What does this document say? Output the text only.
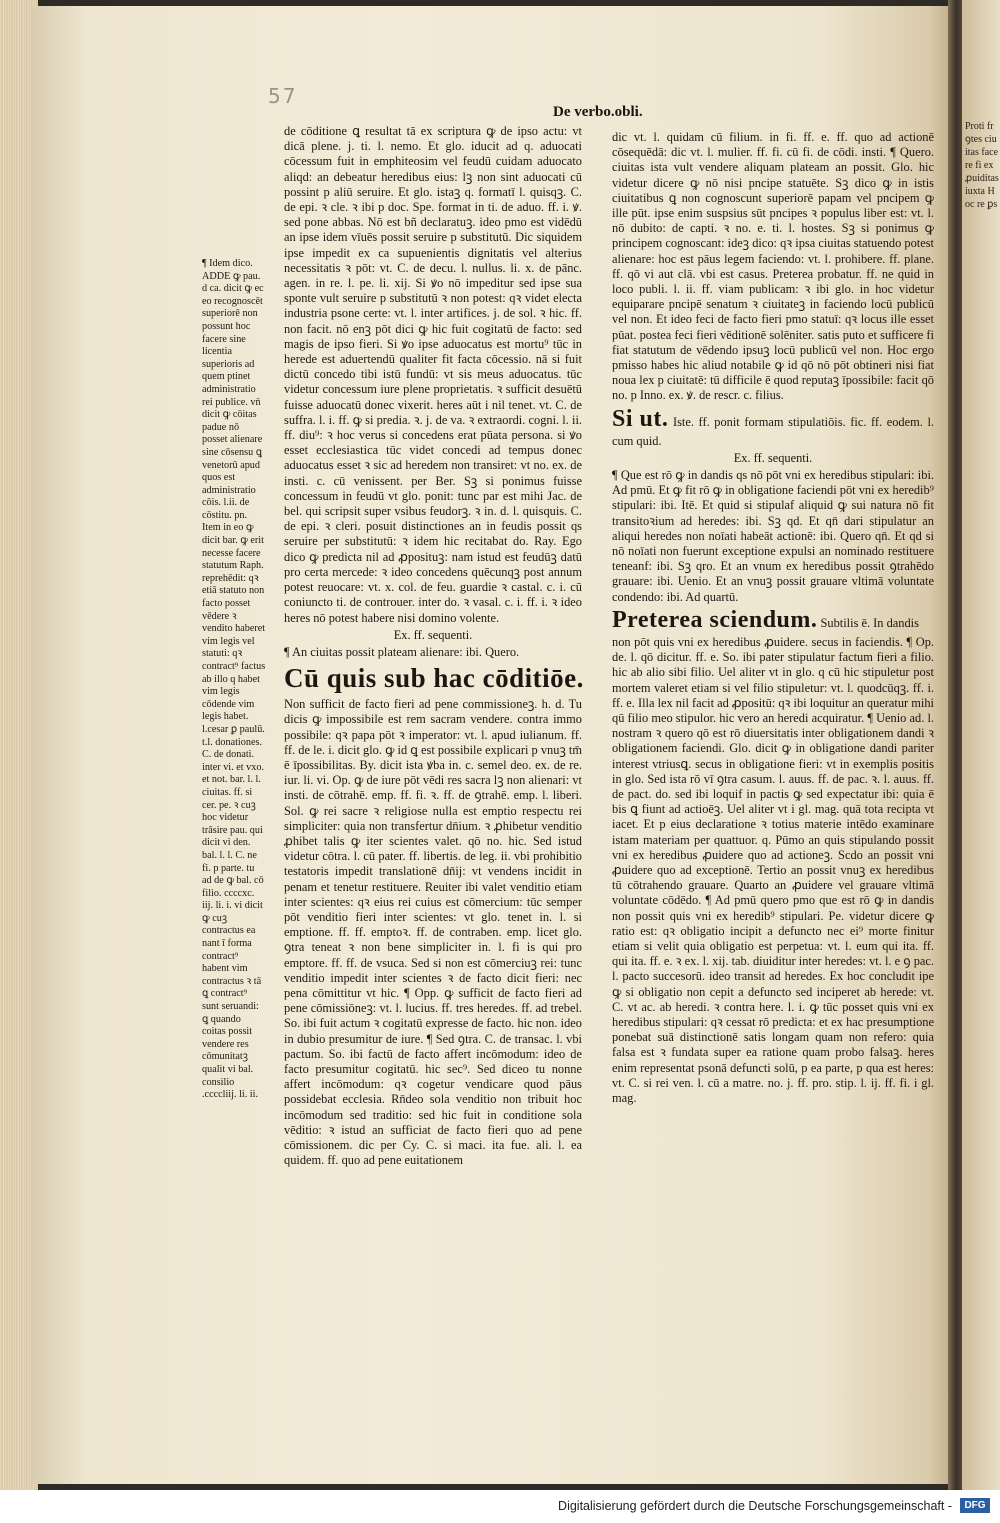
Proti frꝯtes ciuitas facere fi ex ꝓuiditas iuxta Hoc re ꝑs
57
De verbo.obli.

¶ Idem dico. ADDE ꝙ pau. d ca. dicit ꝙ ec eo recognoscēt superiorē non possunt hoc facere sine licentia superioris ad quem ptinet administratio rei publice. vn̄ dicit ꝙ cōitas padue nō posset alienare sine cōsensu ꝗ venetorū apud quos est administratio cōis. l.ii. de cōstitu. pn. Item in eo ꝙ dicit bar. ꝙ erit necesse facere statutum Raph. reprehēdit: qꝛ etiā statuto non facto posset vēdere ꝛ vendito haberet vim legis vel statuti: qꝛ contract⁹ factus ab illo q habet vim legis cōdende vim legis habet. l.cesar ꝑ paulū. t.l. donationes. C. de donati. inter vi. et vxo. et not. bar. l. l. ciuitas. ff. si cer. pe. ꝛ cuꝫ hoc videtur trāsire pau. qui dicit vi den. bal. l. l. C. ne fi. p parte. tu ad de ꝙ bal. cō filio. ccccxc. iij. li. i. vi dicit ꝙ cuꝫ contractus ea nant ī forma contract⁹ habent vim contractus ꝛ tā ꝗ contract⁹ sunt seruandi: ꝗ quando coitas possit vendere res cōmunitatꝫ qualit vi bal. consilio .ccccliij. li. ii.

de cōditione ꝗ resultat tā ex scriptura ꝙ de ipso actu: vt dicā plene. j. ti. l. nemo. Et glo. iducit ad q. aduocati cōcessum fuit in emphiteosim vel feudū cuidam aduocato aliqd: an debeatur heredibus eius: lꝫ non sint aduocati cū possint p aliū seruire. Et glo. istaꝫ q. formatī l. quisqꝫ. C. de epi. ꝛ cle. ꝛ ibi p doc. Spe. format in ti. de aduo. ff. i. ꝟ. sed pone abbas. Nō est bñ declaratuꝫ. ideo pmo est vidēdū an ipse idem vīuēs possit seruire p substitutū. Dic siquidem ipse impedit ex ca supuenientis dignitatis vel alterius necessitatis ꝛ pōt: vt. C. de decu. l. nullus. li. x. de pānc. agen. in re. l. pe. li. xij. Si ꝟo nō impeditur sed ipse sua sponte vult seruire p substitutū ꝛ non potest: qꝛ videt electa industria psone certe: vt. l. inter artifices. j. de sol. ꝛ hic. ff. non facit. nō enꝫ pōt dici ꝙ hic fuit cogitatū de facto: sed magis de ipso fieri. Si ꝟo ipse aduocatus est mortu⁹ tūc in herede est aduertendū qualiter fit facta cōcessio. nā si fuit dictū concedo tibi istū fundū: vt sis meus aduocatus. tūc videtur concessum iure plene proprietatis. ꝛ sufficit desuētū fuisse aduocatū donec vixerit. heres aūt i nil tenet. vt. C. de suffra. l. i. ff. ꝙ si predia. ꝛ. j. de va. ꝛ extraordi. cogni. l. ii. ff. diu⁹: ꝛ hoc verus si concedens erat pūata persona. si ꝟo esset ecclesiastica tūc videt concedi ad tempus donec aduocatus esset ꝛ sic ad heredem non transiret: vt no. ex. de insti. c. cū venissent. per Ber. Sꝫ si ponimus fuisse concessum in feudū vt glo. ponit: tunc par est mihi Jac. de bel. qui scripsit super vsibus feudorꝫ. ꝛ in. d. l. quisquis. C. de epi. ꝛ cleri. posuit distinctiones an in feudis possit qs seruire per substitutū: ꝛ idem hic recitabat do. Ray. Ego dico ꝙ predicta nil ad ꝓposituꝫ: nam istud est feudūꝫ datū pro certa mercede: ꝛ ideo concedens quēcunqꝫ post annum potest reuocare: vt. x. col. de feu. guardie ꝛ castal. c. i. cū coniuncto ti. de controuer. inter do. ꝛ vasal. c. i. ff. i. ꝛ ideo heres nō potest habere nisi domino volente.

Ex. ff. sequenti.

¶ An ciuitas possit plateam alienare: ibi. Quero.

Cū quis sub hac cōditiōe.

Non sufficit de facto fieri ad pene commissioneꝫ. h. d. Tu dicis ꝙ impossibile est rem sacram vendere. contra immo possibile: qꝛ papa pōt ꝛ imperator: vt. l. apud iulianum. ff. ff. de le. i. dicit glo. ꝙ id ꝗ est possibile explicari p vnuꝫ tm̄ ē īpossibilitas. By. dicit ista ꝟba in. c. semel deo. ex. de re. iur. li. vi. Op. ꝙ de iure pōt vēdi res sacra lꝫ non alienari: vt insti. de cōtrahē. emp. ff. fi. ꝛ. ff. de ꝯtrahē. emp. l. liberi. Sol. ꝙ rei sacre ꝛ religiose nulla est emptio respectu rei simpliciter: quia non transfertur dn̄ium. ꝛ ꝓhibetur venditio ꝓhibet talis ꝙ iter scientes valet. qō no. hic. Sed istud videtur cōtra. l. cū pater. ff. libertis. de leg. ii. vbi prohibitio testatoris impedit translationē dn̄ij: vt vendens incidit in penam et tenetur restituere. Reuiter ibi valet venditio etiam inter scientes: qꝛ eius rei cuius est cōmercium: tūc semper pōt venditio fieri inter scientes: vt glo. tenet in. l. si emptione. ff. ff. emptoꝛ. ff. de contraben. emp. licet glo. ꝯtra teneat ꝛ non bene simpliciter in. l. fi is qui pro emptore. ff. ff. de vsuca. Sed si non est cōmerciuꝫ rei: tunc venditio impedit inter scientes ꝛ de facto dicit fieri: nec pena cōmittitur vt hic. ¶ Opp. ꝙ sufficit de facto fieri ad pene cōmissiōneꝫ: vt. l. lucius. ff. tres heredes. ff. ad trebel. So. ibi fuit actum ꝛ cogitatū expresse de facto. hic non. ideo in dubio presumitur de iure. ¶ Sed ꝯtra. C. de transac. l. vbi pactum. So. ibi factū de facto affert incōmodum: ideo de facto presumitur cogitatū. hic sec⁹. Sed diceo tu nonne affert incōmodum: qꝛ cogetur vendicare quod pāus possidebat ecclesia. Rn̄deo sola venditio non tribuit hoc incōmodum sed traditio: sed hic fuit in conditione sola vēditio: ꝛ istud an sufficiat de facto fieri quo ad pene cōmissionem. dic per Cy. C. si maci. ita fue. ali. l. ea quidem. ff. quo ad pene euitationem

dic vt. l. quidam cū filium. in fi. ff. e. ff. quo ad actionē cōsequēdā: dic vt. l. mulier. ff. fi. cū fi. de cōdi. insti. ¶ Quero. ciuitas ista vult vendere aliquam plateam an possit. Glo. hic videtur dicere ꝙ nō nisi pncipe statuēte. Sꝫ dico ꝙ in istis ciuitatibus ꝗ non cognoscunt superiorē papam vel pncipem ꝙ ille pūt. ipse enim suspsius sūt pncipes ꝛ populus liber est: vt. l. nō dubito: de capti. ꝛ no. e. ti. l. hostes. Sꝫ si ponimus ꝙ principem cognoscant: ideꝫ dico: qꝛ ipsa ciuitas statuendo potest alienare: hoc est pāus legem faciendo: vt. l. prohibere. ff. plane. ff. qō vi aut clā. vbi est casus. Preterea probatur. ff. ne quid in loco publi. l. ii. ff. viam publicam: ꝛ ibi glo. in hoc videtur equiparare pncipē senatum ꝛ ciuitateꝫ in faciendo locū publicū vel non. Et ideo feci de facto fieri pmo statuī: qꝛ locus ille esset pūat. postea feci fieri vēditionē solēniter. satis puto et sufficere fi fiat statutum de vēdendo ipsuꝫ locū publicū vel non. Hoc ergo pmisso habes hic aliud notabile ꝙ id qō nō pōt obtineri nisi fiat noua lex p ciuitatē: tū difficile ē quod reputaꝫ īpossibile: facit qō no. p Inno. ex. ꝟ. de rescr. c. filius.

Si ut. Iste. ff. ponit formam stipulatiōis. fic. ff. eodem. l. cum quid.

Ex. ff. sequenti.

¶ Que est rō ꝙ in dandis qs nō pōt vni ex heredibus stipulari: ibi. Ad pmū. Et ꝙ fit rō ꝙ in obligatione faciendi pōt vni ex heredib⁹ stipulari: ibi. Itē. Et quid si stipulaf aliquid ꝙ sui natura nō fit transitoꝛium ad heredes: ibi. Sꝫ qd. Et qn̄ dari stipulatur an aliqui heredes non noīati habeāt actionē: ibi. Quero qn̄. Et qd si nō noīati non fuerunt exceptione expulsi an nominado restituere teneanf: ibi. Sꝫ qro. Et an vnum ex heredibus possit ꝯtrahēdo grauare: ibi. Uenio. Et an vnuꝫ possit grauare vltimā voluntate condendo: ibi. Ad quartū.

Preterea sciendum. Subtilis ē. In dandis

non pōt quis vni ex heredibus ꝓuidere. secus in faciendis. ¶ Op. de. l. qō dicitur. ff. e. So. ibi pater stipulatur factum fieri a filio. hic ab alio sibi filio. Uel aliter vt in glo. q cū hic stipuletur post mortem valeret etiam si vel filio stipuletur: vt. l. quodcūqꝫ. ff. i. ff. e. Illa lex nil facit ad ꝓpositū: qꝛ ibi loquitur an queratur mihi qū filio meo stipulor. hic vero an heredi acquiratur. ¶ Uenio ad. l. nostram ꝛ quero qō est rō diuersitatis inter obligationem dandi ꝛ obligationem faciendi. Glo. dicit ꝙ in obligatione dandi pariter interest vtriusꝗ. secus in obligatione fieri: vt in exemplis positis in glo. Sed ista rō vī ꝯtra casum. l. auus. ff. de pac. ꝛ. l. auus. ff. de pact. do. sed ibi loquif in pactis ꝙ sed expectatur ibi: quia ē bis ꝗ fiunt ad actioēꝫ. Uel aliter vt i gl. mag. quā tota recipta vt iacet. Et p eius declaratione ꝛ totius materie intēdo examinare istam materiam per quattuor. q. Pūmo an quis stipulando possit vni ex heredibus ꝓuidere quo ad actioneꝫ. Scdo an possit vni ꝓuidere quo ad exceptionē. Tertio an possit vnuꝫ ex heredibus tū cōtrahendo grauare. Quarto an ꝓuidere vel grauare vltimā voluntate cōdēdo. ¶ Ad pmū quero pmo que est rō ꝙ in dandis non possit quis vni ex heredib⁹ stipulari. Pe. videtur dicere ꝙ ratio est: qꝛ obligatio incipit a defuncto nec ei⁹ morte finitur etiam si velit quia obligatio est perpetua: vt. l. eum qui ita. ff. qui ita. ff. e. ꝛ ex. l. xij. tab. diuiditur inter heredes: vt. l. e ꝯ pac. l. pacto succesorū. ideo transit ad heredes. Ex hoc concludit ipe ꝙ si obligatio non cepit a defuncto sed inciperet ab herede: vt. C. vt ac. ab heredi. ꝛ contra here. l. i. ꝙ tūc posset quis vni ex heredibus stipulari: qꝛ cessat rō predicta: et ex hac presumptione ponebat suā distinctionē satis longam quam non refero: quia falsa est ꝛ fundata super ea ratione quam probo falsaꝫ. heres enim representat psonā defuncti solū, p ea parte, p qua est heres: vt. C. si rei ven. l. cū a matre. no. j. ff. pro. stip. l. ij. ff. fi. i gl. mag.

Digitalisierung gefördert durch die Deutsche Forschungsgemeinschaft -	DFG
